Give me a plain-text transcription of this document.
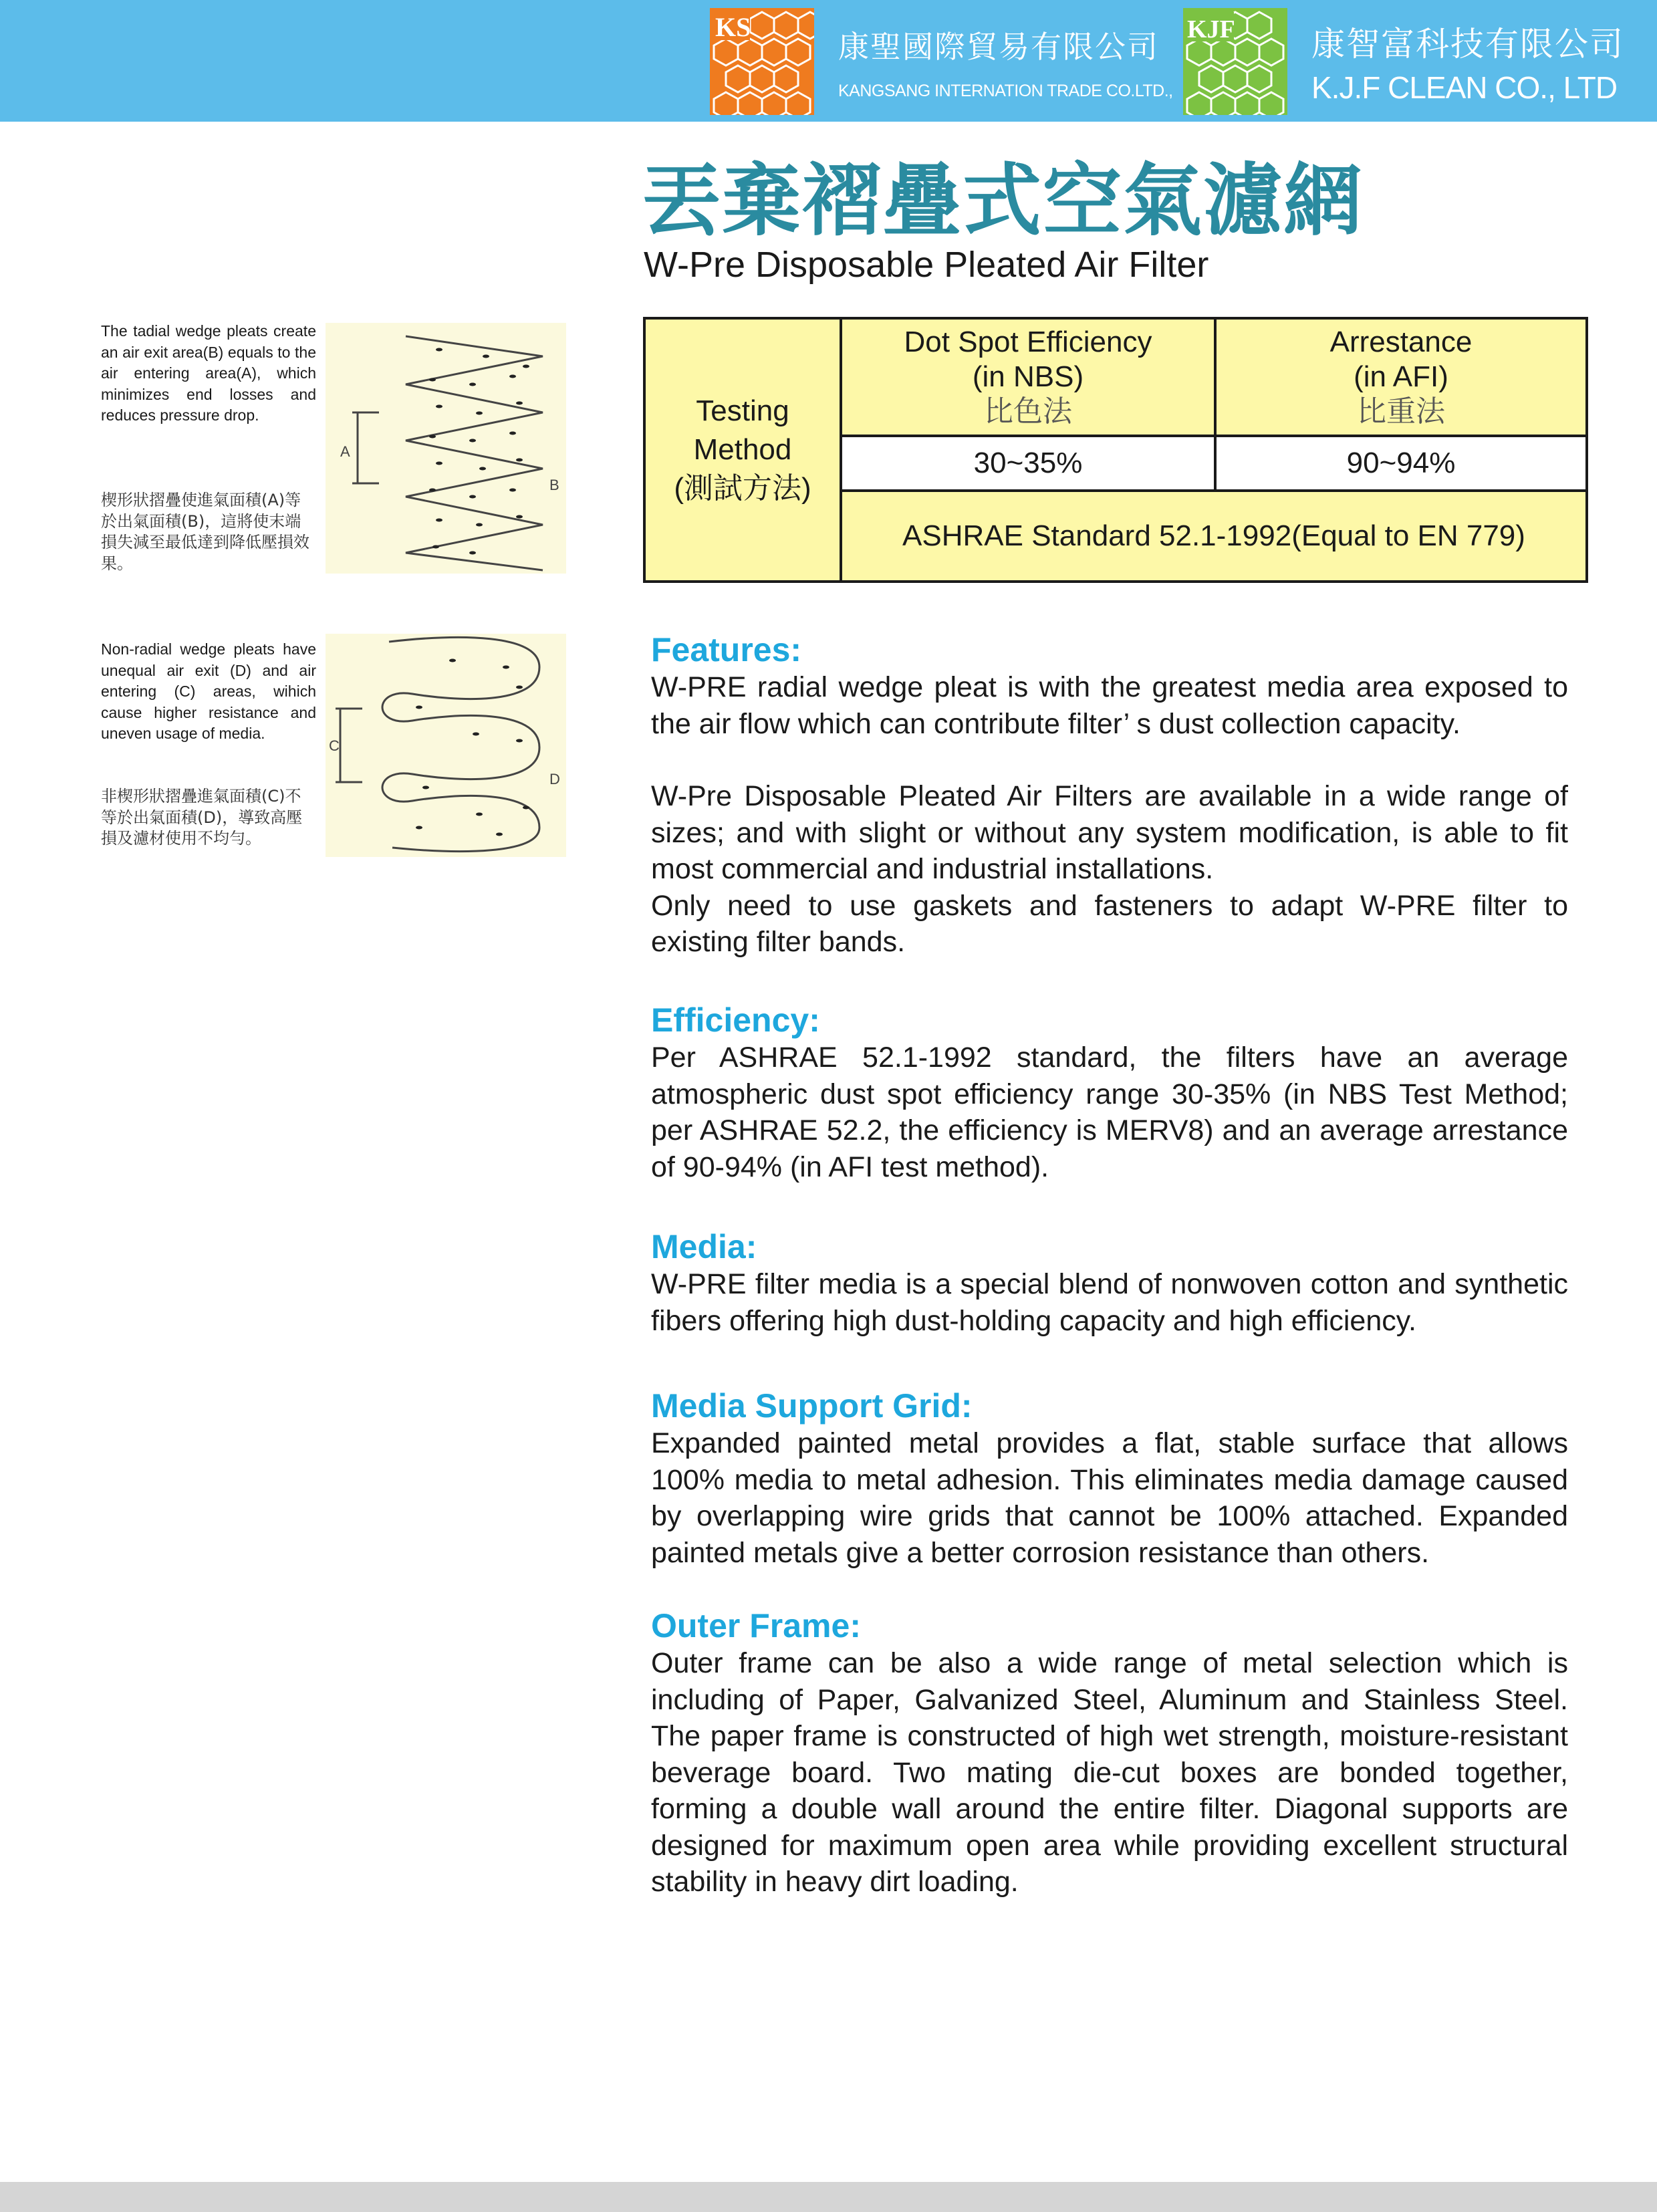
KS
康聖國際貿易有限公司
KANGSANG INTERNATION TRADE CO.LTD.,
KJF 康智富科技有限公司
K.J.F CLEAN CO., LTD
丟棄褶疊式空氣濾網
W-Pre Disposable Pleated Air Filter
Testing
Method
(測試方法)
Dot Spot Efficiency
(in NBS)
比色法
Arrestance
(in AFI)
比重法
30~35%	90~94%
ASHRAE Standard 52.1-1992(Equal to EN 779)
The tadial wedge pleats create an air exit area(B) equals to the air entering area(A), which minimizes end losses and reduces pressure drop.
楔形狀摺疊使進氣面積(A)等於出氣面積(B)，這將使末端損失減至最低達到降低壓損效果。
A
B
Non-radial wedge pleats have unequal air exit (D) and air entering (C) areas, wihich cause higher resistance and uneven usage of media.
非楔形狀摺疊進氣面積(C)不等於出氣面積(D)，導致高壓損及濾材使用不均勻。
C
D
Features:

W-PRE radial wedge pleat is with the greatest media area exposed to the air flow which can contribute filter’ s dust collection capacity.

W-Pre Disposable Pleated Air Filters are available in a wide range of sizes; and with slight or without any system modification, is able to fit most commercial and industrial installations.

Only need to use gaskets and fasteners to adapt W-PRE filter to existing filter bands.

Efficiency:

Per ASHRAE 52.1-1992 standard, the filters have an average atmospheric dust spot efficiency range 30-35% (in NBS Test Method; per ASHRAE 52.2, the efficiency is MERV8) and an average arrestance of 90-94% (in AFI test method).

Media:

W-PRE filter media is a special blend of nonwoven cotton and synthetic fibers offering high dust-holding capacity and high efficiency.

Media Support Grid:

Expanded painted metal provides a flat, stable surface that allows 100% media to metal adhesion. This eliminates media damage caused by overlapping wire grids that cannot be 100% attached. Expanded painted metals give a better corrosion resistance than others.

Outer Frame:

Outer frame can be also a wide range of metal selection which is including of Paper, Galvanized Steel, Aluminum and Stainless Steel. The paper frame is constructed of high wet strength, moisture-resistant beverage board. Two mating die-cut boxes are bonded together, forming a double wall around the entire filter. Diagonal supports are designed for maximum open area while providing excellent structural stability in heavy dirt loading.
